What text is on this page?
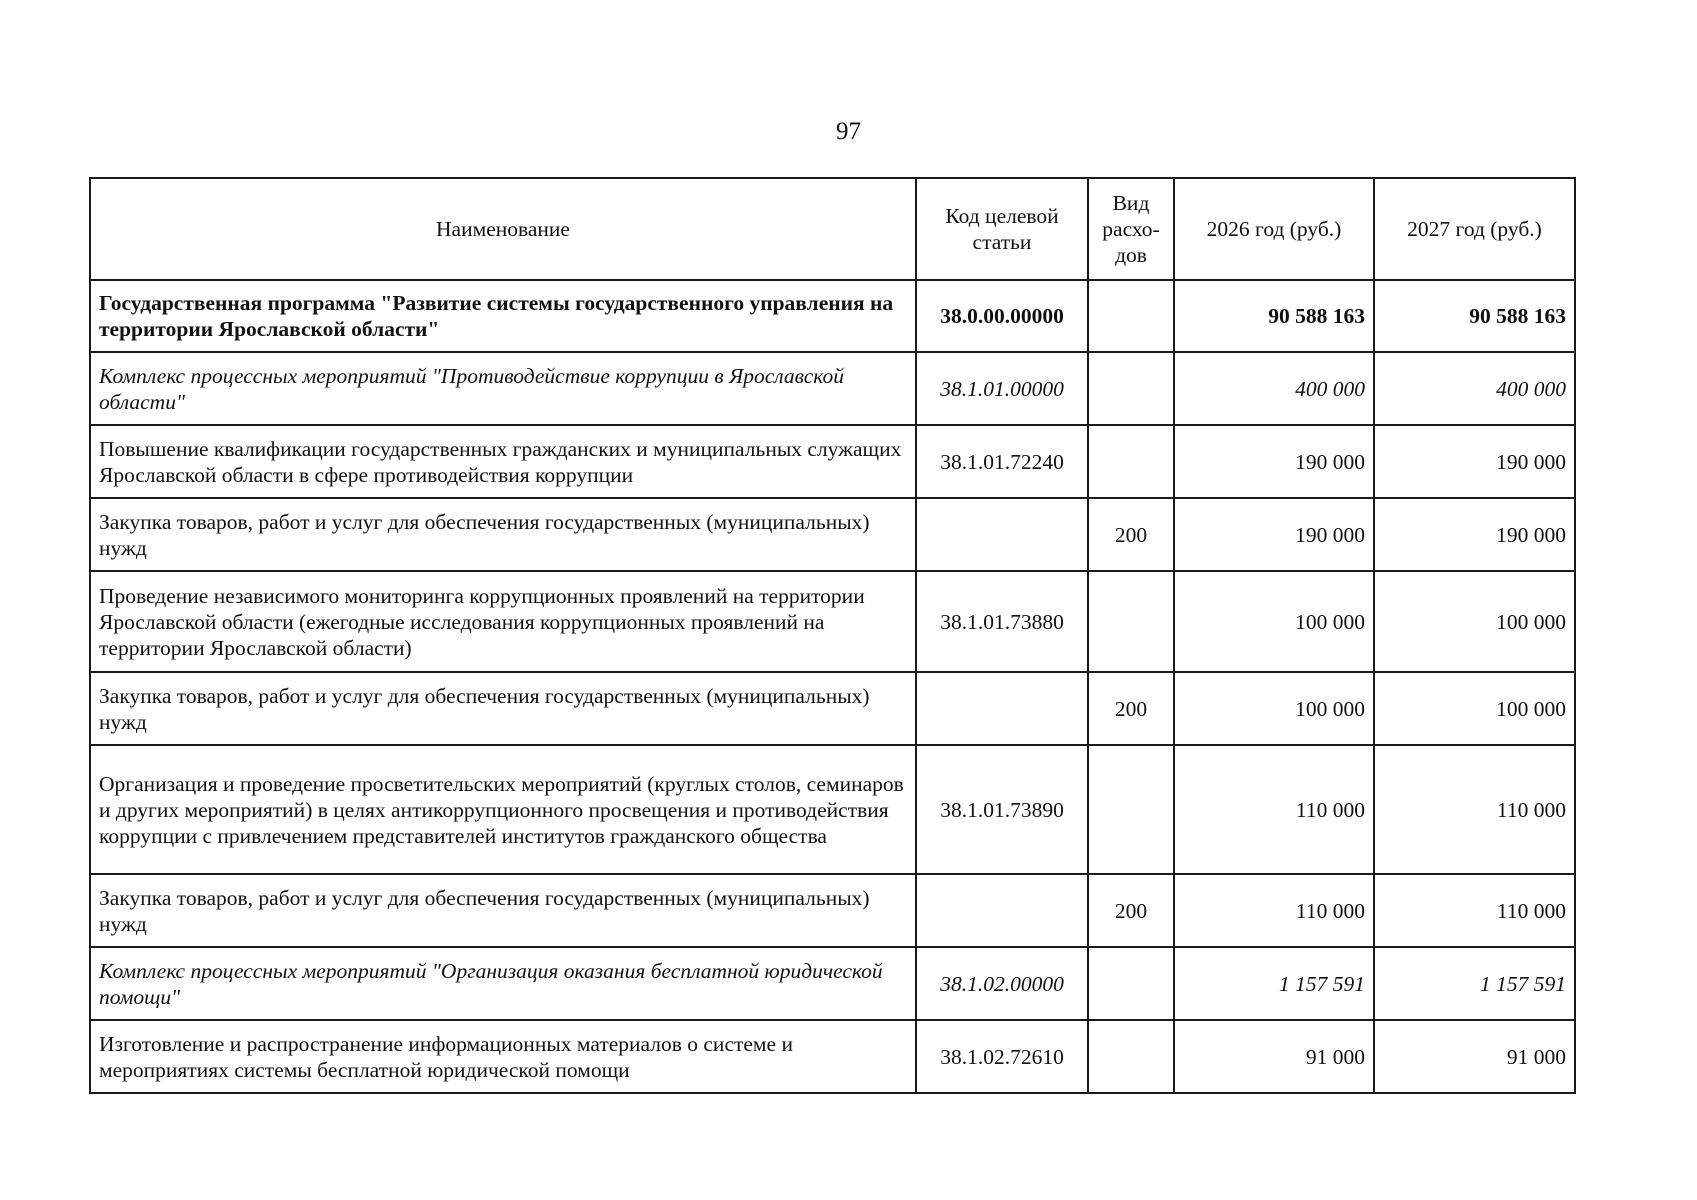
97
Наименование	Код целевой статьи	Вид расхо-дов	2026 год (руб.)	2027 год (руб.)
Государственная программа "Развитие системы государственного управления на территории Ярославской области"	38.0.00.00000		90 588 163	90 588 163
Комплекс процессных мероприятий "Противодействие коррупции в Ярославской области"	38.1.01.00000		400 000	400 000
Повышение квалификации государственных гражданских и муниципальных служащих Ярославской области в сфере противодействия коррупции	38.1.01.72240		190 000	190 000
Закупка товаров, работ и услуг для обеспечения государственных (муниципальных) нужд		200	190 000	190 000
Проведение независимого мониторинга коррупционных проявлений на территории Ярославской области (ежегодные исследования коррупционных проявлений на территории Ярославской области)	38.1.01.73880		100 000	100 000
Закупка товаров, работ и услуг для обеспечения государственных (муниципальных) нужд		200	100 000	100 000
Организация и проведение просветительских мероприятий (круглых столов, семинаров и других мероприятий) в целях антикоррупционного просвещения и противодействия коррупции с привлечением представителей институтов гражданского общества	38.1.01.73890		110 000	110 000
Закупка товаров, работ и услуг для обеспечения государственных (муниципальных) нужд		200	110 000	110 000
Комплекс процессных мероприятий "Организация оказания бесплатной юридической помощи"	38.1.02.00000		1 157 591	1 157 591
Изготовление и распространение информационных материалов о системе и мероприятиях системы бесплатной юридической помощи	38.1.02.72610		91 000	91 000
